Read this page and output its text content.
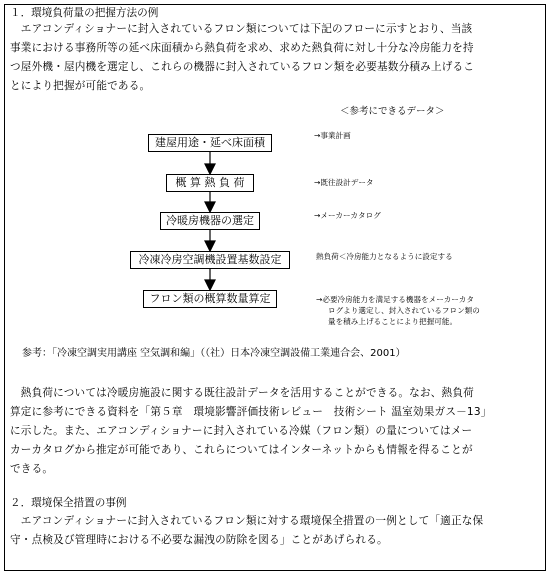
１．環境負荷量の把握方法の例
　エアコンディショナーに封入されているフロン類については下記のフローに示すとおり、当該
事業における事務所等の延べ床面積から熱負荷を求め、求めた熱負荷に対し十分な冷房能力を持
つ屋外機・屋内機を選定し、これらの機器に封入されているフロン類を必要基数分積み上げるこ
とにより把握が可能である。
＜参考にできるデータ＞
建屋用途・延べ床面積
→事業計画
概 算 熱 負 荷	→既往設計データ
冷暖房機器の選定	→メーカーカタログ
冷凍冷房空調機設置基数設定	熱負荷＜冷房能力となるように設定する
フロン類の概算数量算定	→必要冷房能力を満足する機器をメーカーカタ
ログより選定し、封入されているフロン類の
量を積み上げることにより把握可能。
参考：「冷凍空調実用講座 空気調和編」（（社）日本冷凍空調設備工業連合会、2001）
　熱負荷については冷暖房施設に関する既往設計データを活用することができる。なお、熱負荷
算定に参考にできる資料を「第５章　環境影響評価技術レビュー　技術シート 温室効果ガス－13」
に示した。また、エアコンディショナーに封入されている冷媒（フロン類）の量についてはメー
カーカタログから推定が可能であり、これらについてはインターネットからも情報を得ることが
できる。
２．環境保全措置の事例
　エアコンディショナーに封入されているフロン類に対する環境保全措置の一例として「適正な保
守・点検及び管理時における不必要な漏洩の防除を図る」ことがあげられる。
